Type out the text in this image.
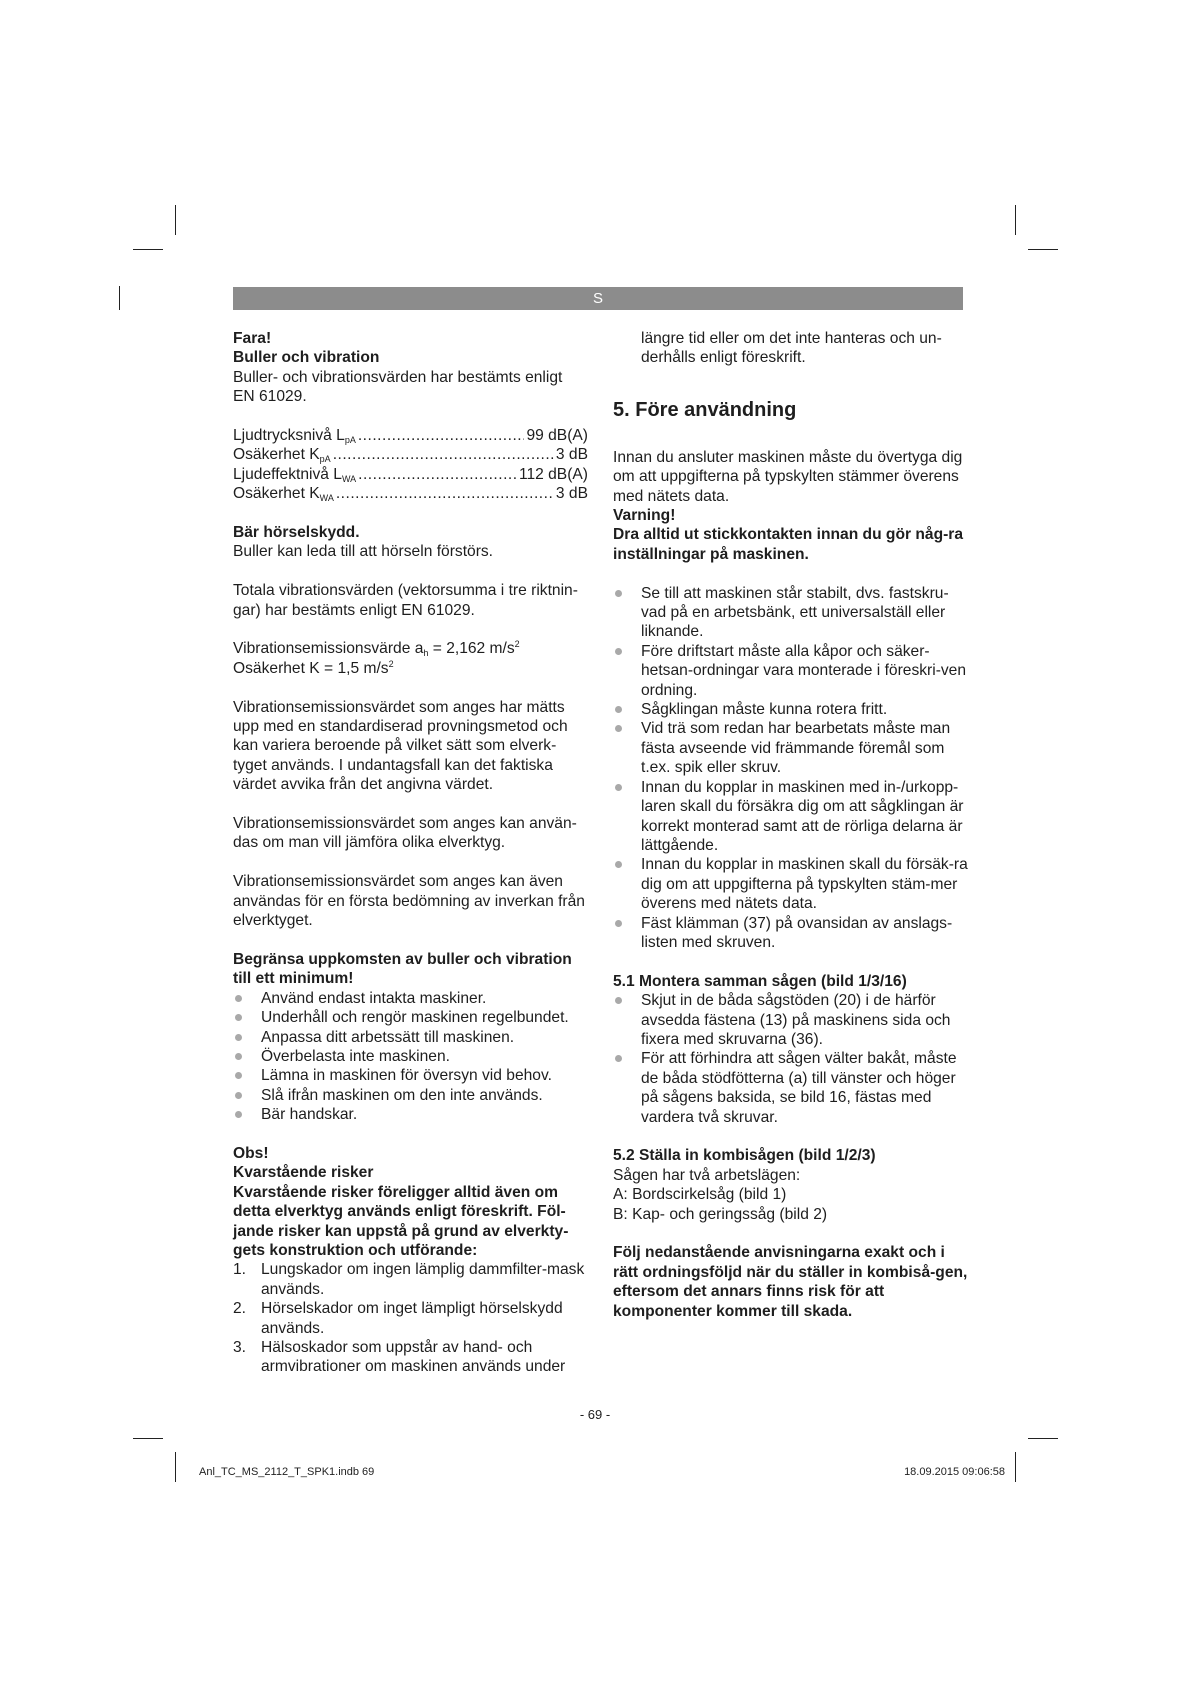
S

Fara!

Buller och vibration

Buller- och vibrationsvärden har bestämts enligt EN 61029.

Ljudtrycksnivå $L_{pA}$ .....	99 dB(A)
Osäkerhet $K_{pA}$ .....	3 dB
Ljudeffektnivå $L_{WA}$ .....	112 dB(A)
Osäkerhet $K_{WA}$ .....	3 dB

Bär hörselskydd.

Buller kan leda till att hörseln förstörs.

Totala vibrationsvärden (vektorsumma i tre riktnin-gar) har bestämts enligt EN 61029.

Vibrationsemissionsvärde $a_h = 2,162$ $m/s^2$

Osäkerhet K = 1,5 $m/s^2$

Vibrationsemissionsvärdet som anges har mätts upp med en standardiserad provningsmetod och kan variera beroende på vilket sätt som elverk-tyget används. I undantagsfall kan det faktiska värdet avvika från det angivna värdet.

Vibrationsemissionsvärdet som anges kan använ-das om man vill jämföra olika elverktyg.

Vibrationsemissionsvärdet som anges kan även användas för en första bedömning av inverkan från elverktyget.

Begränsa uppkomsten av buller och vibration till ett minimum!

Använd endast intakta maskiner.
Underhåll och rengör maskinen regelbundet.
Anpassa ditt arbetssätt till maskinen.
Överbelasta inte maskinen.
Lämna in maskinen för översyn vid behov.
Slå ifrån maskinen om den inte används.
Bär handskar.

Obs!

Kvarstående risker

Kvarstående risker föreligger alltid även om detta elverktyg används enligt föreskrift. Föl-jande risker kan uppstå på grund av elverkty-gets konstruktion och utförande:

1. Lungskador om ingen lämplig dammfilter-mask används.
2. Hörselskador om inget lämpligt hörselskydd används.
3. Hälsoskador som uppstår av hand- och armvibrationer om maskinen används under

längre tid eller om det inte hanteras och un-derhålls enligt föreskrift.

5. Före användning

Innan du ansluter maskinen måste du övertyga dig om att uppgifterna på typskylten stämmer överens med nätets data.

Varning!

Dra alltid ut stickkontakten innan du gör någ-ra inställningar på maskinen.

Se till att maskinen står stabilt, dvs. fastskru-vad på en arbetsbänk, ett universalställ eller liknande.
Före driftstart måste alla kåpor och säker-hetsan-ordningar vara monterade i föreskri-ven ordning.
Sågklingan måste kunna rotera fritt.
Vid trä som redan har bearbetats måste man fästa avseende vid främmande föremål som t.ex. spik eller skruv.
Innan du kopplar in maskinen med in-/urkopp-laren skall du försäkra dig om att sågklingan är korrekt monterad samt att de rörliga delarna är lättgående.
Innan du kopplar in maskinen skall du försäk-ra dig om att uppgifterna på typskylten stäm-mer överens med nätets data.
Fäst klämman (37) på ovansidan av anslags-listen med skruven.

5.1 Montera samman sågen (bild 1/3/16)

Skjut in de båda sågstöden (20) i de härför avsedda fästena (13) på maskinens sida och fixera med skruvarna (36).
För att förhindra att sågen välter bakåt, måste de båda stödfötterna (a) till vänster och höger på sågens baksida, se bild 16, fästas med vardera två skruvar.

5.2 Ställa in kombisågen (bild 1/2/3)

Sågen har två arbetslägen:

A: Bordscirkelsåg (bild 1)

B: Kap- och geringssåg (bild 2)

Följ nedanstående anvisningarna exakt och i rätt ordningsföljd när du ställer in kombiså-gen, eftersom det annars finns risk för att komponenter kommer till skada.

- 69 -
Anl_TC_MS_2112_T_SPK1.indb 69	18.09.2015 09:06:58
